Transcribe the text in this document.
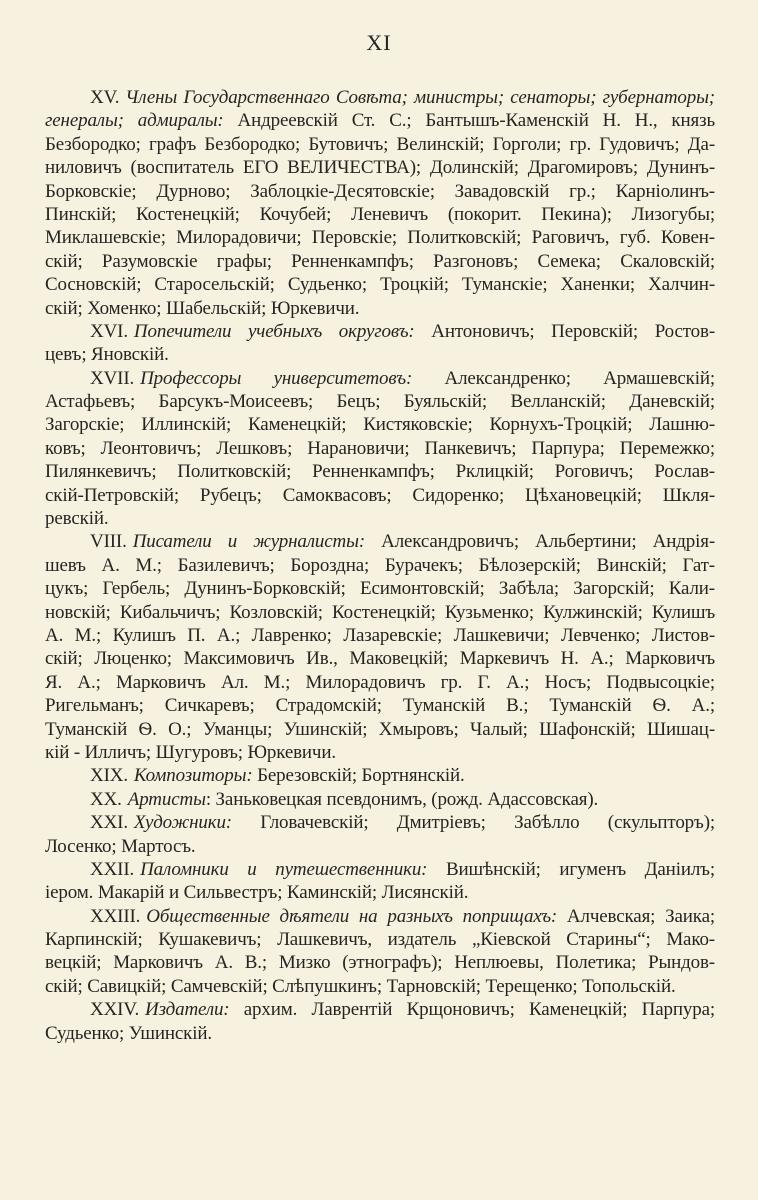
XI
XV. Члены Государственнаго Совѣта; министры; сенаторы; губернаторы;
генералы; адмиралы: Андреевскій Ст. С.; Бантышъ-Каменскій Н. Н., князь
Безбородко; графъ Безбородко; Бутовичъ; Велинскій; Горголи; гр. Гудовичъ; Да-
ниловичъ (воспитатель ЕГО ВЕЛИЧЕСТВА); Долинскій; Драгомировъ; Дунинъ-
Борковскіе; Дурново; Заблоцкіе-Десятовскіе; Завадовскій гр.; Карніолинъ-
Пинскій; Костенецкій; Кочубей; Леневичъ (покорит. Пекина); Лизогубы;
Миклашевскіе; Милорадовичи; Перовскіе; Политковскій; Раговичъ, губ. Ковен-
скій; Разумовскіе графы; Ренненкампфъ; Разгоновъ; Семека; Скаловскій;
Сосновскій; Старосельскій; Судьенко; Троцкій; Туманскіе; Ханенки; Халчин-
скій; Хоменко; Шабельскій; Юркевичи.
XVI. Попечители учебныхъ округовъ: Антоновичъ; Перовскій; Ростов-
цевъ; Яновскій.
XVII. Профессоры университетовъ: Александренко; Армашевскій;
Астафьевъ; Барсукъ-Моисеевъ; Бецъ; Буяльскій; Велланскій; Даневскій;
Загорскіе; Иллинскій; Каменецкій; Кистяковскіе; Корнухъ-Троцкій; Лашню-
ковъ; Леонтовичъ; Лешковъ; Нарановичи; Панкевичъ; Парпура; Перемежко;
Пилянкевичъ; Политковскій; Ренненкампфъ; Рклицкій; Роговичъ; Рослав-
скій-Петровскій; Рубецъ; Самоквасовъ; Сидоренко; Цѣхановецкій; Шкля-
ревскій.
VIII. Писатели и журналисты: Александровичъ; Альбертини; Андрія-
шевъ А. М.; Базилевичъ; Бороздна; Бурачекъ; Бѣлозерскій; Винскій; Гат-
цукъ; Гербель; Дунинъ-Борковскій; Есимонтовскій; Забѣла; Загорскій; Кали-
новскій; Кибальчичъ; Козловскій; Костенецкій; Кузьменко; Кулжинскій; Кулишъ
А. М.; Кулишъ П. А.; Лавренко; Лазаревскіе; Лашкевичи; Левченко; Листов-
скій; Люценко; Максимовичъ Ив., Маковецкій; Маркевичъ Н. А.; Марковичъ
Я. А.; Марковичъ Ал. М.; Милорадовичъ гр. Г. А.; Носъ; Подвысоцкіе;
Ригельманъ; Сичкаревъ; Страдомскій; Туманскій В.; Туманскій Ѳ. А.;
Туманскій Ѳ. О.; Уманцы; Ушинскій; Хмыровъ; Чалый; Шафонскій; Шишац-
кій - Илличъ; Шугуровъ; Юркевичи.
XIX. Композиторы: Березовскій; Бортнянскій.
XX. Артисты: Заньковецкая псевдонимъ, (рожд. Адассовская).
XXI. Художники: Гловачевскій; Дмитріевъ; Забѣлло (скульпторъ);
Лосенко; Мартосъ.
XXII. Паломники и путешественники: Вишѣнскій; игуменъ Даніилъ;
іером. Макарій и Сильвестръ; Каминскій; Лисянскій.
XXIII. Общественные дѣятели на разныхъ поприщахъ: Алчевская; Заика;
Карпинскій; Кушакевичъ; Лашкевичъ, издатель „Кіевской Старины“; Мако-
вецкій; Марковичъ А. В.; Мизко (этнографъ); Неплюевы, Полетика; Рындов-
скій; Савицкій; Самчевскій; Слѣпушкинъ; Тарновскій; Терещенко; Топольскій.
XXIV. Издатели: архим. Лаврентій Крщоновичъ; Каменецкій; Парпура;
Судьенко; Ушинскій.
